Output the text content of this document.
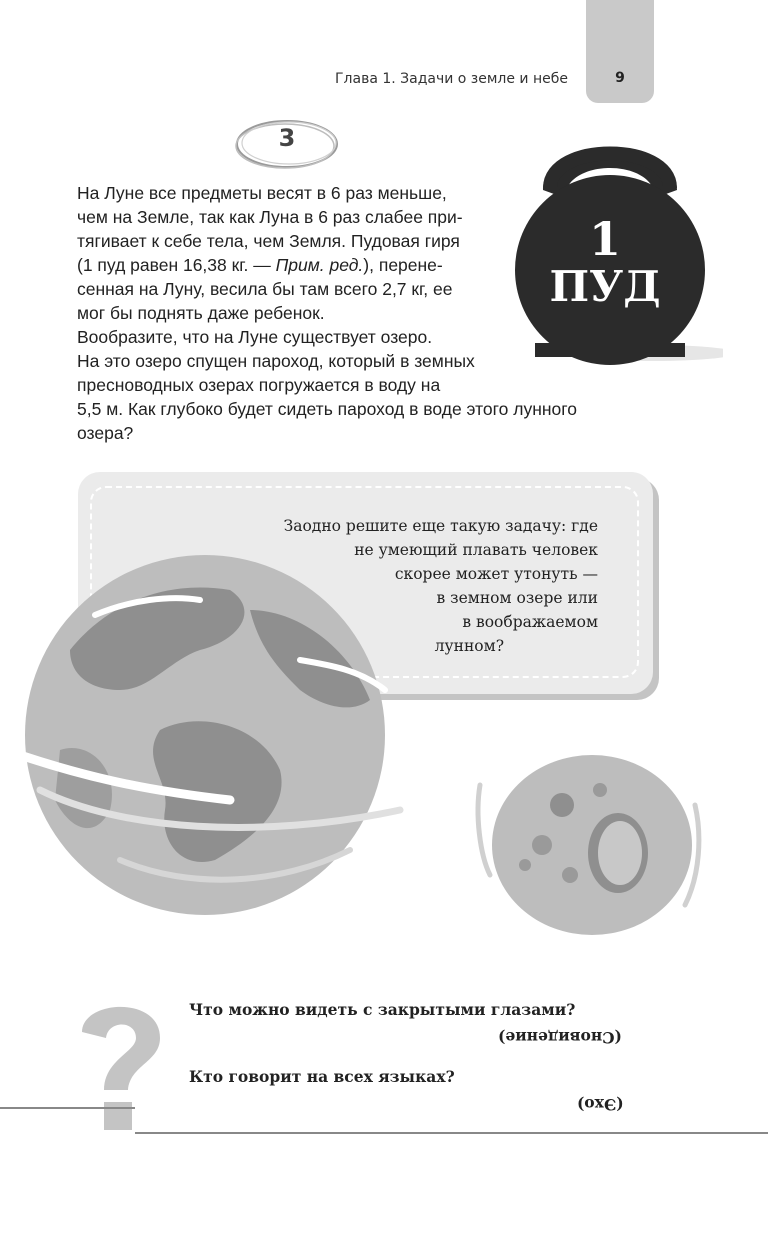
9
Глава 1. Задачи о земле и небе
3
1
ПУД
На Луне все предметы весят в 6 раз меньше,
чем на Земле, так как Луна в 6 раз слабее при-
тягивает к себе тела, чем Земля. Пудовая гиря
(1 пуд равен 16,38 кг. — Прим. ред.), перене-
сенная на Луну, весила бы там всего 2,7 кг, ее
мог бы поднять даже ребенок.
Вообразите, что на Луне существует озеро.
На это озеро спущен пароход, который в земных
пресноводных озерах погружается в воду на
5,5 м. Как глубоко будет сидеть пароход в воде этого лунного
озера?
Заодно решите еще такую задачу: где
не умеющий плавать человек
скорее может утонуть —
в земном озере или
в воображаемом
лунном?
Что можно видеть с закрытыми глазами?
(Сновидение)
Кто говорит на всех языках?
(Эхо)
